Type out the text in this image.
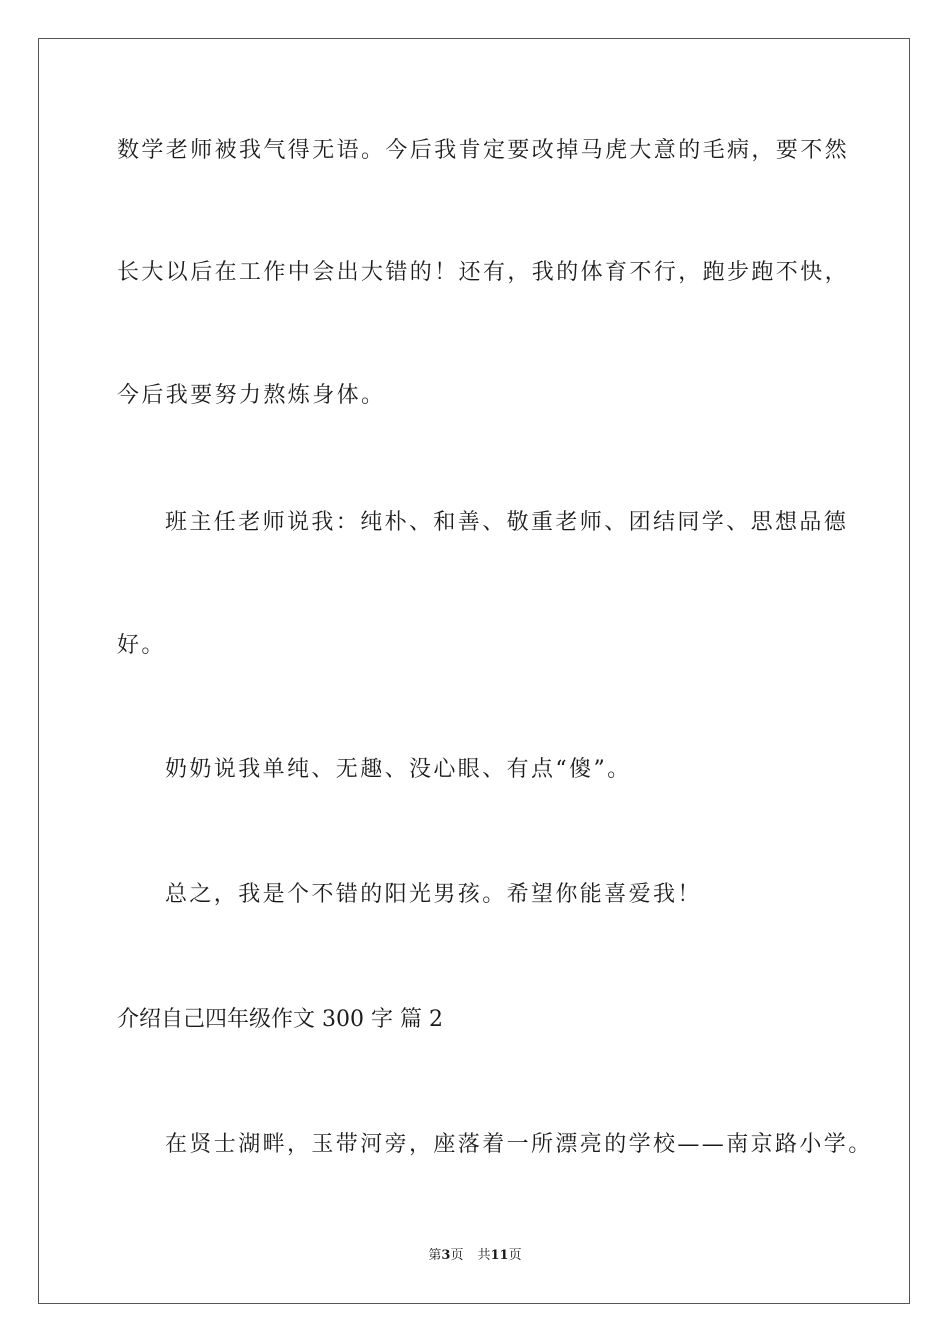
数学老师被我气得无语。今后我肯定要改掉马虎大意的毛病，要不然
长大以后在工作中会出大错的！还有，我的体育不行，跑步跑不快，
今后我要努力熬炼身体。
班主任老师说我：纯朴、和善、敬重老师、团结同学、思想品德
好。
奶奶说我单纯、无趣、没心眼、有点“傻”。
总之，我是个不错的阳光男孩。希望你能喜爱我！
介绍自己四年级作文 300 字 篇 2
在贤士湖畔，玉带河旁，座落着一所漂亮的学校——南京路小学。
第3页 共11页
